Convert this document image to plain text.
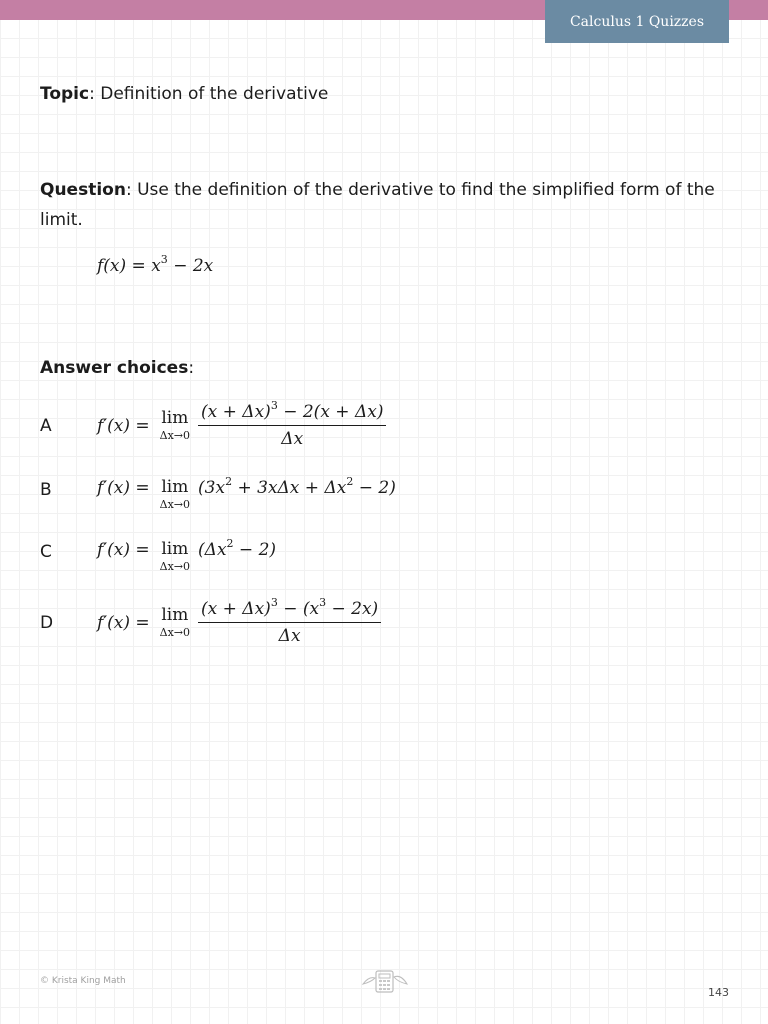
Calculus 1 Quizzes
Topic: Definition of the derivative
Question: Use the definition of the derivative to find the simplified form of the limit.
$f(x) = x^3 - 2x$
Answer choices:
A	f′(x) = lim
$\Delta x\to 0 \frac{(x + \Delta x)^3 - 2(x + \Delta x)}{\Delta x}$
B	f′(x) = lim
Δx→0
$(3x^2 + 3x\Delta x + \Delta x^2 - 2)$
C	f′(x) = lim
Δx→0
$(\Delta x^2 - 2)$
D	f′(x) = lim
$\Delta x\to 0 \frac{(x + \Delta x)^3 - (x^3 - 2x)}{\Delta x}$
© Krista King Math
143
